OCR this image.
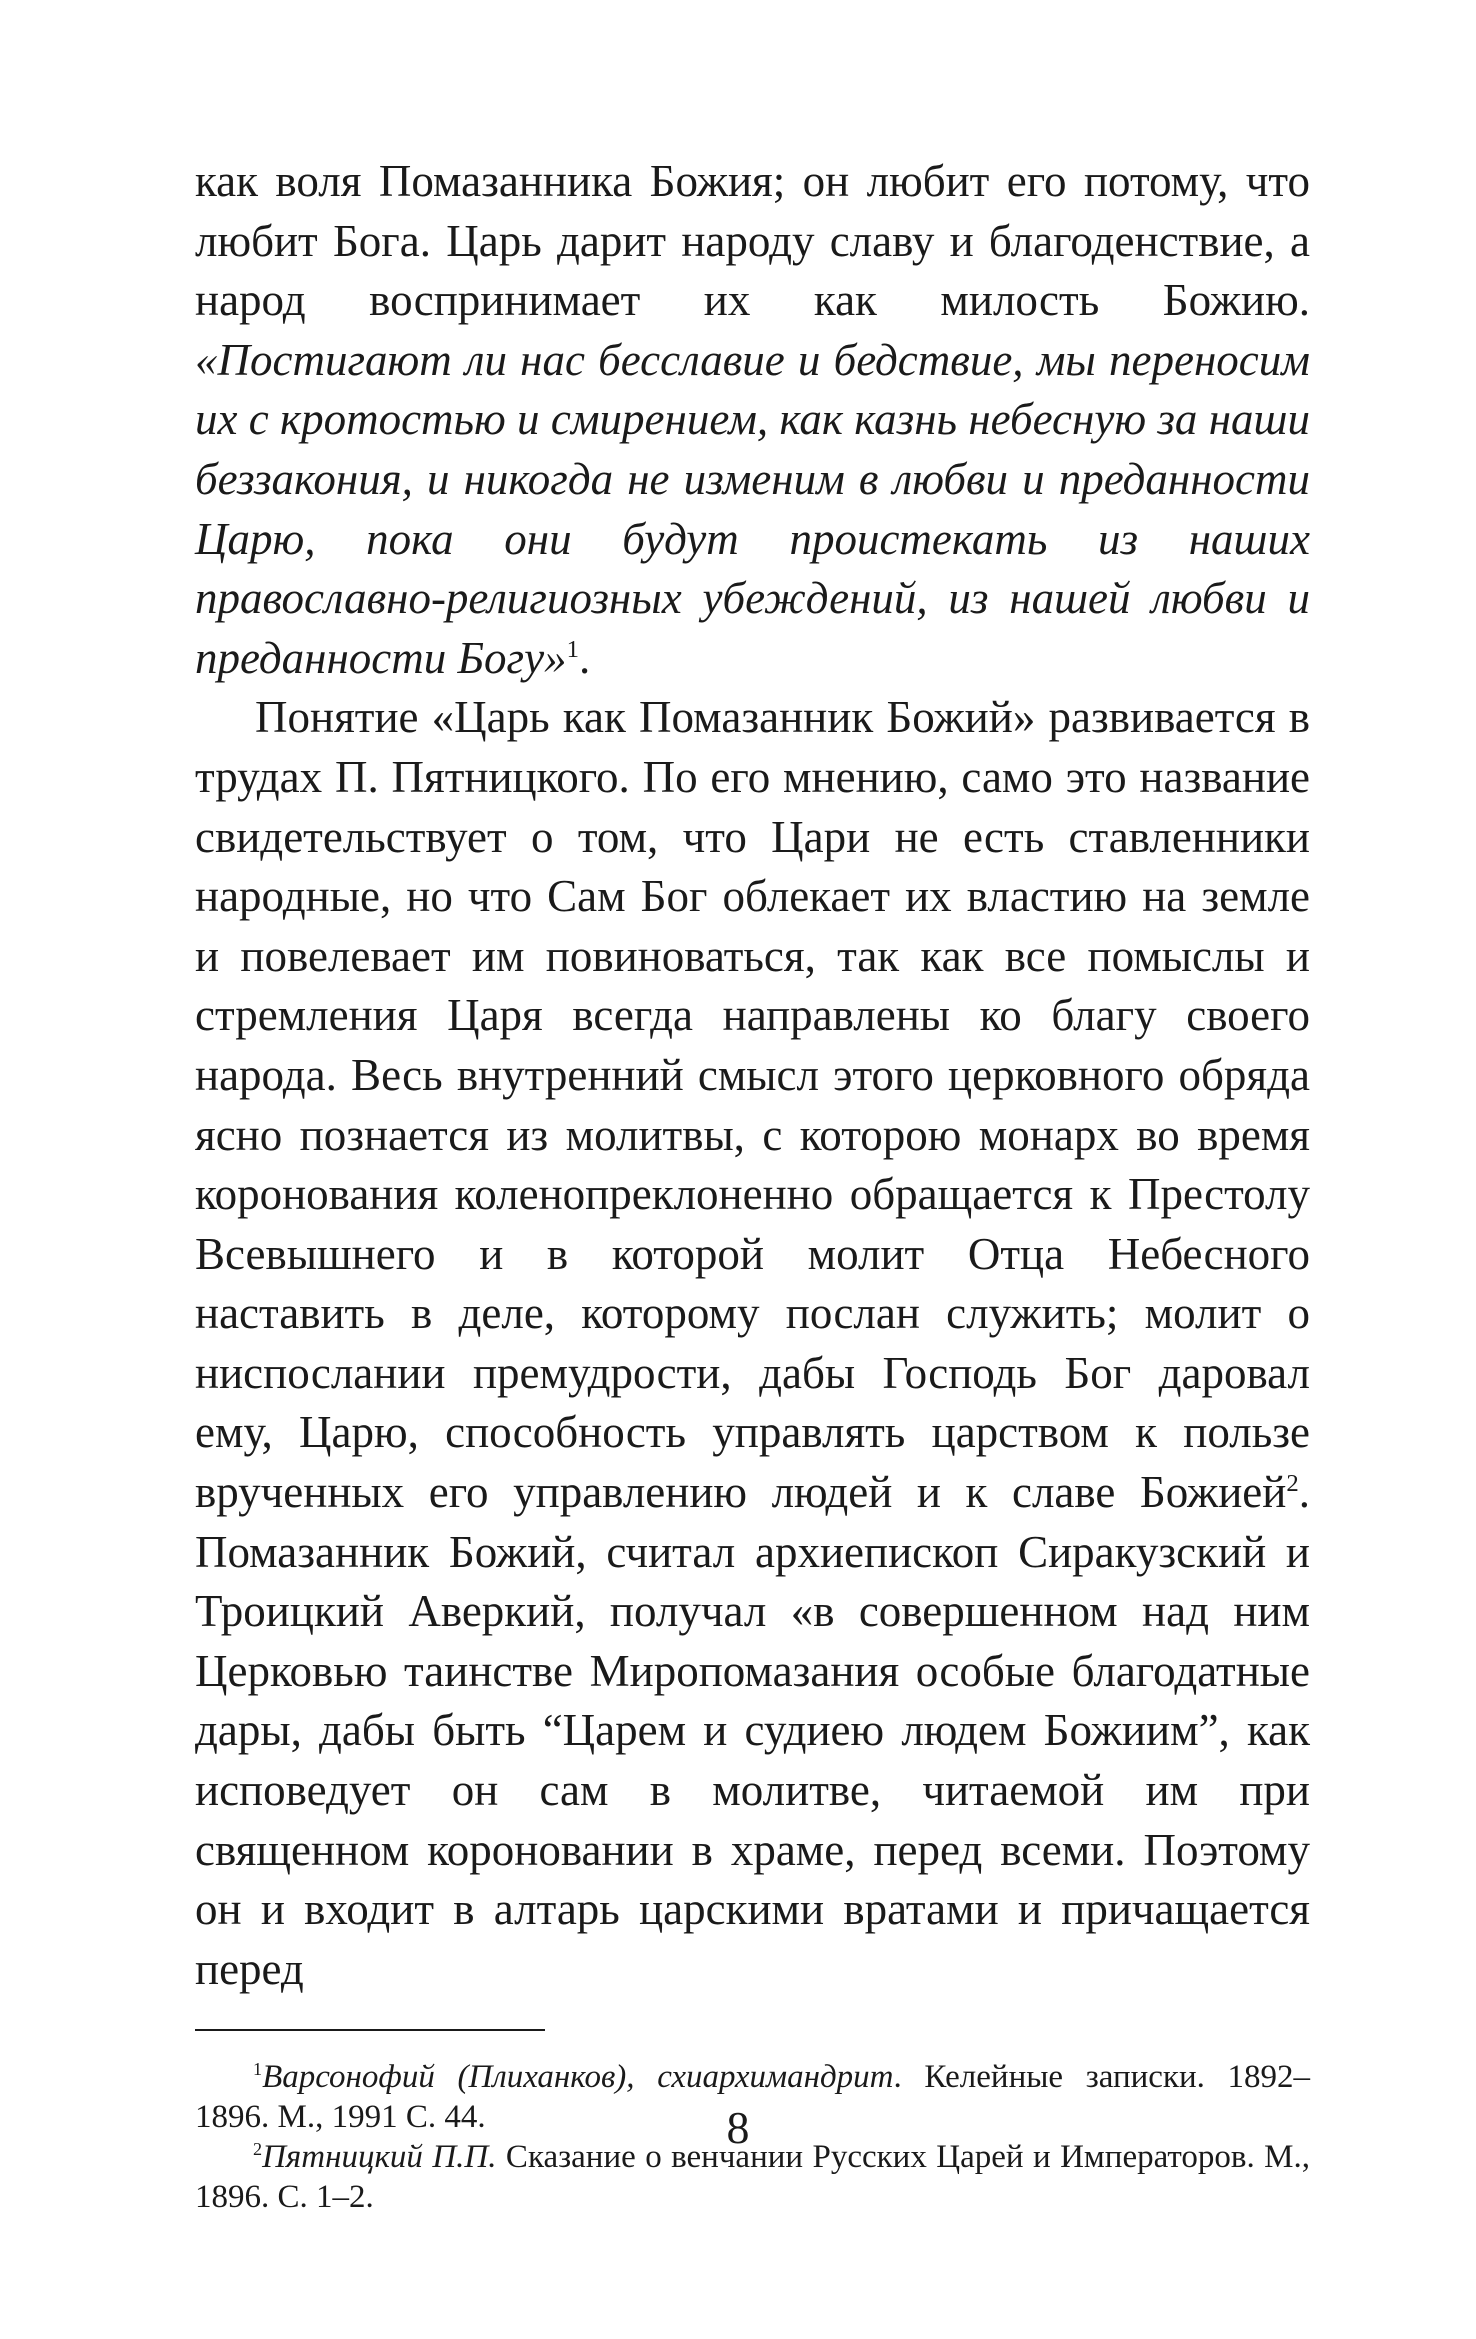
как воля Помазанника Божия; он любит его потому, что любит Бога. Царь дарит народу славу и благоденствие, а народ воспринимает их как милость Божию. «Постигают ли нас бесславие и бедствие, мы переносим их с кротостью и смирением, как казнь небесную за наши беззакония, и никогда не изменим в любви и преданности Царю, пока они будут проистекать из наших православно-религиозных убеждений, из нашей любви и преданности Богу»$^1$.

Понятие «Царь как Помазанник Божий» развивается в трудах П. Пятницкого. По его мнению, само это название свидетельствует о том, что Цари не есть ставленники народные, но что Сам Бог облекает их властию на земле и повелевает им повиноваться, так как все помыслы и стремления Царя всегда направлены ко благу своего народа. Весь внутренний смысл этого церковного обряда ясно познается из молитвы, с которою монарх во время коронования коленопреклоненно обращается к Престолу Всевышнего и в которой молит Отца Небесного наставить в деле, которому послан служить; молит о ниспослании премудрости, дабы Господь Бог даровал ему, Царю, способность управлять царством к пользе врученных его управлению людей и к славе Божией$^2$. Помазанник Божий, считал архиепископ Сиракузский и Троицкий Аверкий, получал «в совершенном над ним Церковью таинстве Миропомазания особые благодатные дары, дабы быть “Царем и судиею людем Божиим”, как исповедует он сам в молитве, читаемой им при священном короновании в храме, перед всеми. Поэтому он и входит в алтарь царскими вратами и причащается перед

$^1$Варсонофий (Плиханков), схиархимандрит. Келейные записки. 1892–1896. М., 1991 С. 44.

$^2$Пятницкий П.П. Сказание о венчании Русских Царей и Императоров. М., 1896. С. 1–2.

8
